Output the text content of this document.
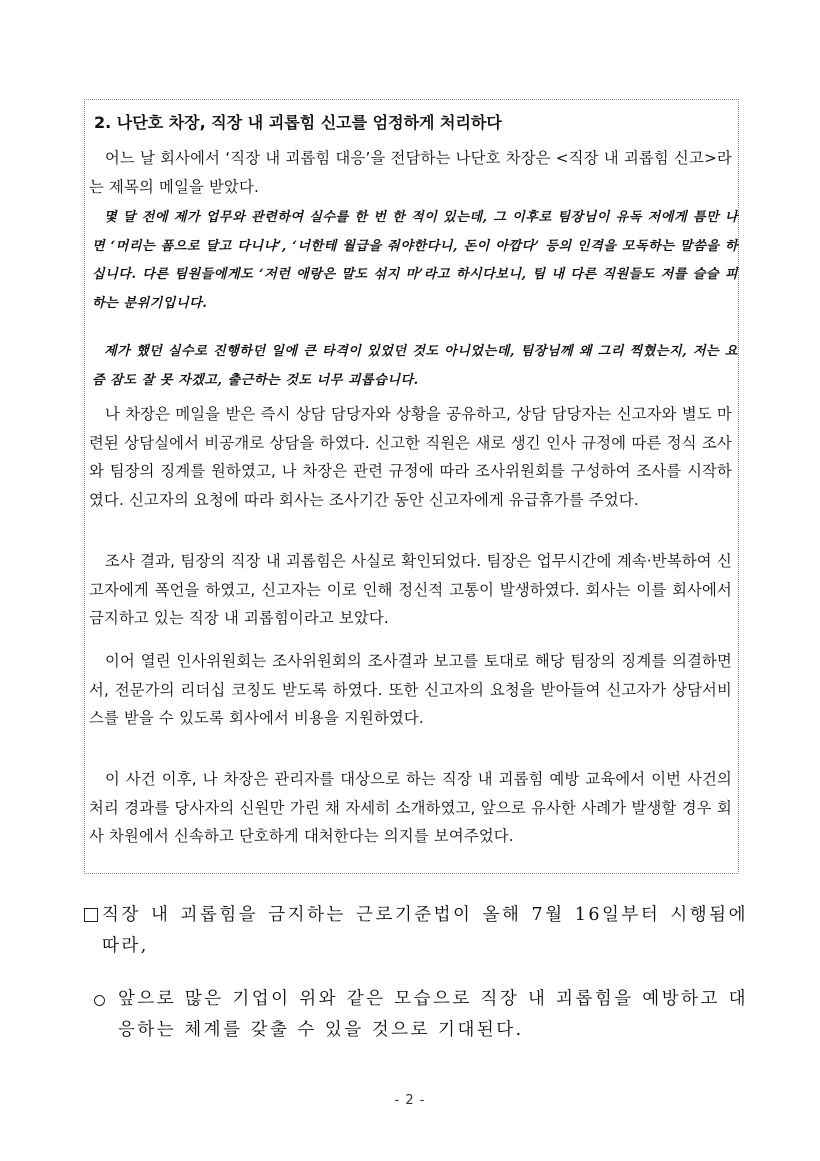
2. 나단호 차장, 직장 내 괴롭힘 신고를 엄정하게 처리하다

어느 날 회사에서 ‘직장 내 괴롭힘 대응’을 전담하는 나단호 차장은 <직장 내 괴롭힘 신고>라는 제목의 메일을 받았다.

몇 달 전에 제가 업무와 관련하여 실수를 한 번 한 적이 있는데, 그 이후로 팀장님이 유독 저에게 틈만 나면 ‘머리는 폼으로 달고 다니냐’, ‘너한테 월급을 줘야한다니, 돈이 아깝다’ 등의 인격을 모독하는 말씀을 하십니다. 다른 팀원들에게도 ‘저런 애랑은 말도 섞지 마’라고 하시다보니, 팀 내 다른 직원들도 저를 슬슬 피하는 분위기입니다.

제가 했던 실수로 진행하던 일에 큰 타격이 있었던 것도 아니었는데, 팀장님께 왜 그리 찍혔는지, 저는 요즘 잠도 잘 못 자겠고, 출근하는 것도 너무 괴롭습니다.

나 차장은 메일을 받은 즉시 상담 담당자와 상황을 공유하고, 상담 담당자는 신고자와 별도 마련된 상담실에서 비공개로 상담을 하였다. 신고한 직원은 새로 생긴 인사 규정에 따른 정식 조사와 팀장의 징계를 원하였고, 나 차장은 관련 규정에 따라 조사위원회를 구성하여 조사를 시작하였다. 신고자의 요청에 따라 회사는 조사기간 동안 신고자에게 유급휴가를 주었다.

조사 결과, 팀장의 직장 내 괴롭힘은 사실로 확인되었다. 팀장은 업무시간에 계속·반복하여 신고자에게 폭언을 하였고, 신고자는 이로 인해 정신적 고통이 발생하였다. 회사는 이를 회사에서 금지하고 있는 직장 내 괴롭힘이라고 보았다.

이어 열린 인사위원회는 조사위원회의 조사결과 보고를 토대로 해당 팀장의 징계를 의결하면서, 전문가의 리더십 코칭도 받도록 하였다. 또한 신고자의 요청을 받아들여 신고자가 상담서비스를 받을 수 있도록 회사에서 비용을 지원하였다.

이 사건 이후, 나 차장은 관리자를 대상으로 하는 직장 내 괴롭힘 예방 교육에서 이번 사건의 처리 경과를 당사자의 신원만 가린 채 자세히 소개하였고, 앞으로 유사한 사례가 발생할 경우 회사 차원에서 신속하고 단호하게 대처한다는 의지를 보여주었다.

직장 내 괴롭힘을 금지하는 근로기준법이 올해 7월 16일부터 시행됨에 따라,
앞으로 많은 기업이 위와 같은 모습으로 직장 내 괴롭힘을 예방하고 대응하는 체계를 갖출 수 있을 것으로 기대된다.
- 2 -
